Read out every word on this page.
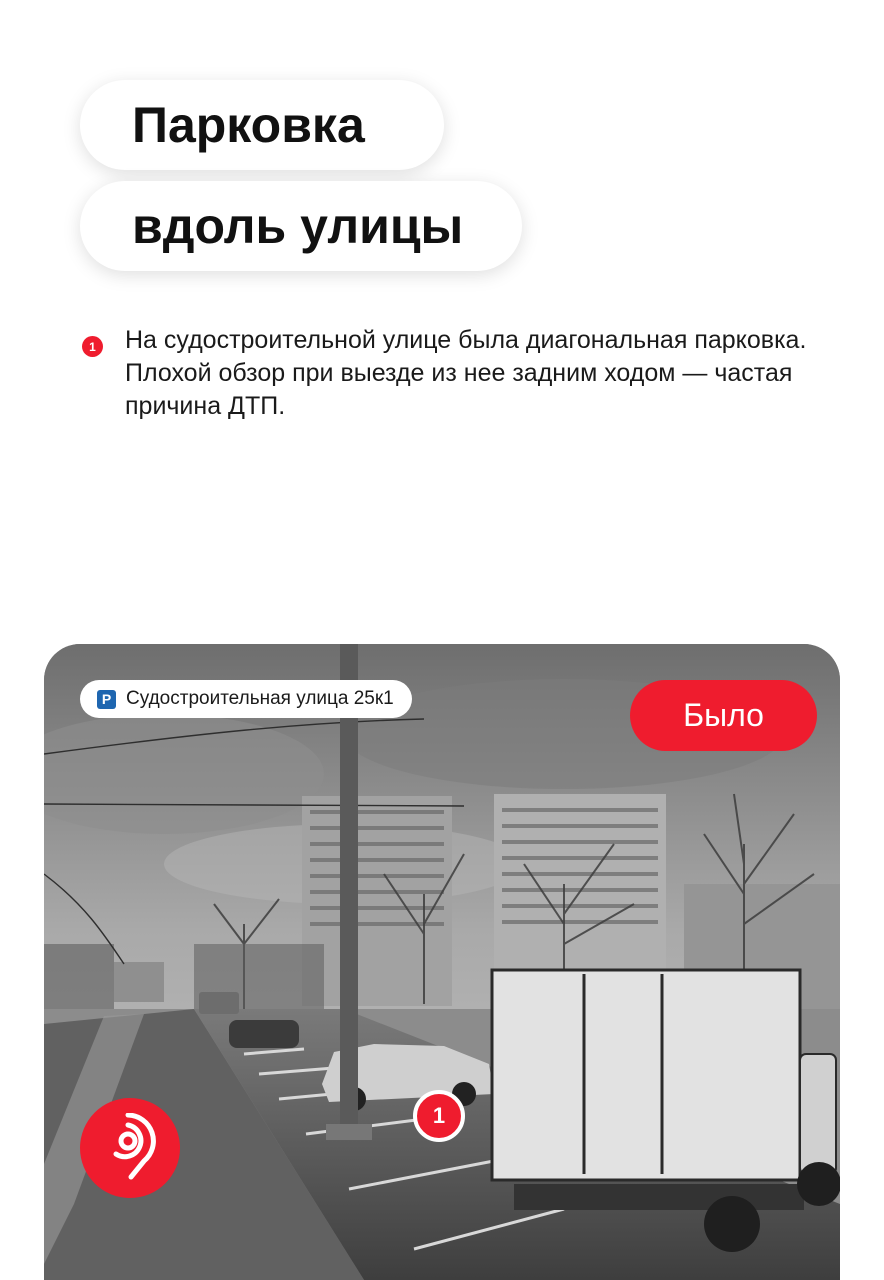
Парковка
вдоль улицы
1 На судостроительной улице была диагональная парковка. Плохой обзор при выезде из нее задним ходом — частая причина ДТП.
P Судостроительная улица 25к1	Было
1
